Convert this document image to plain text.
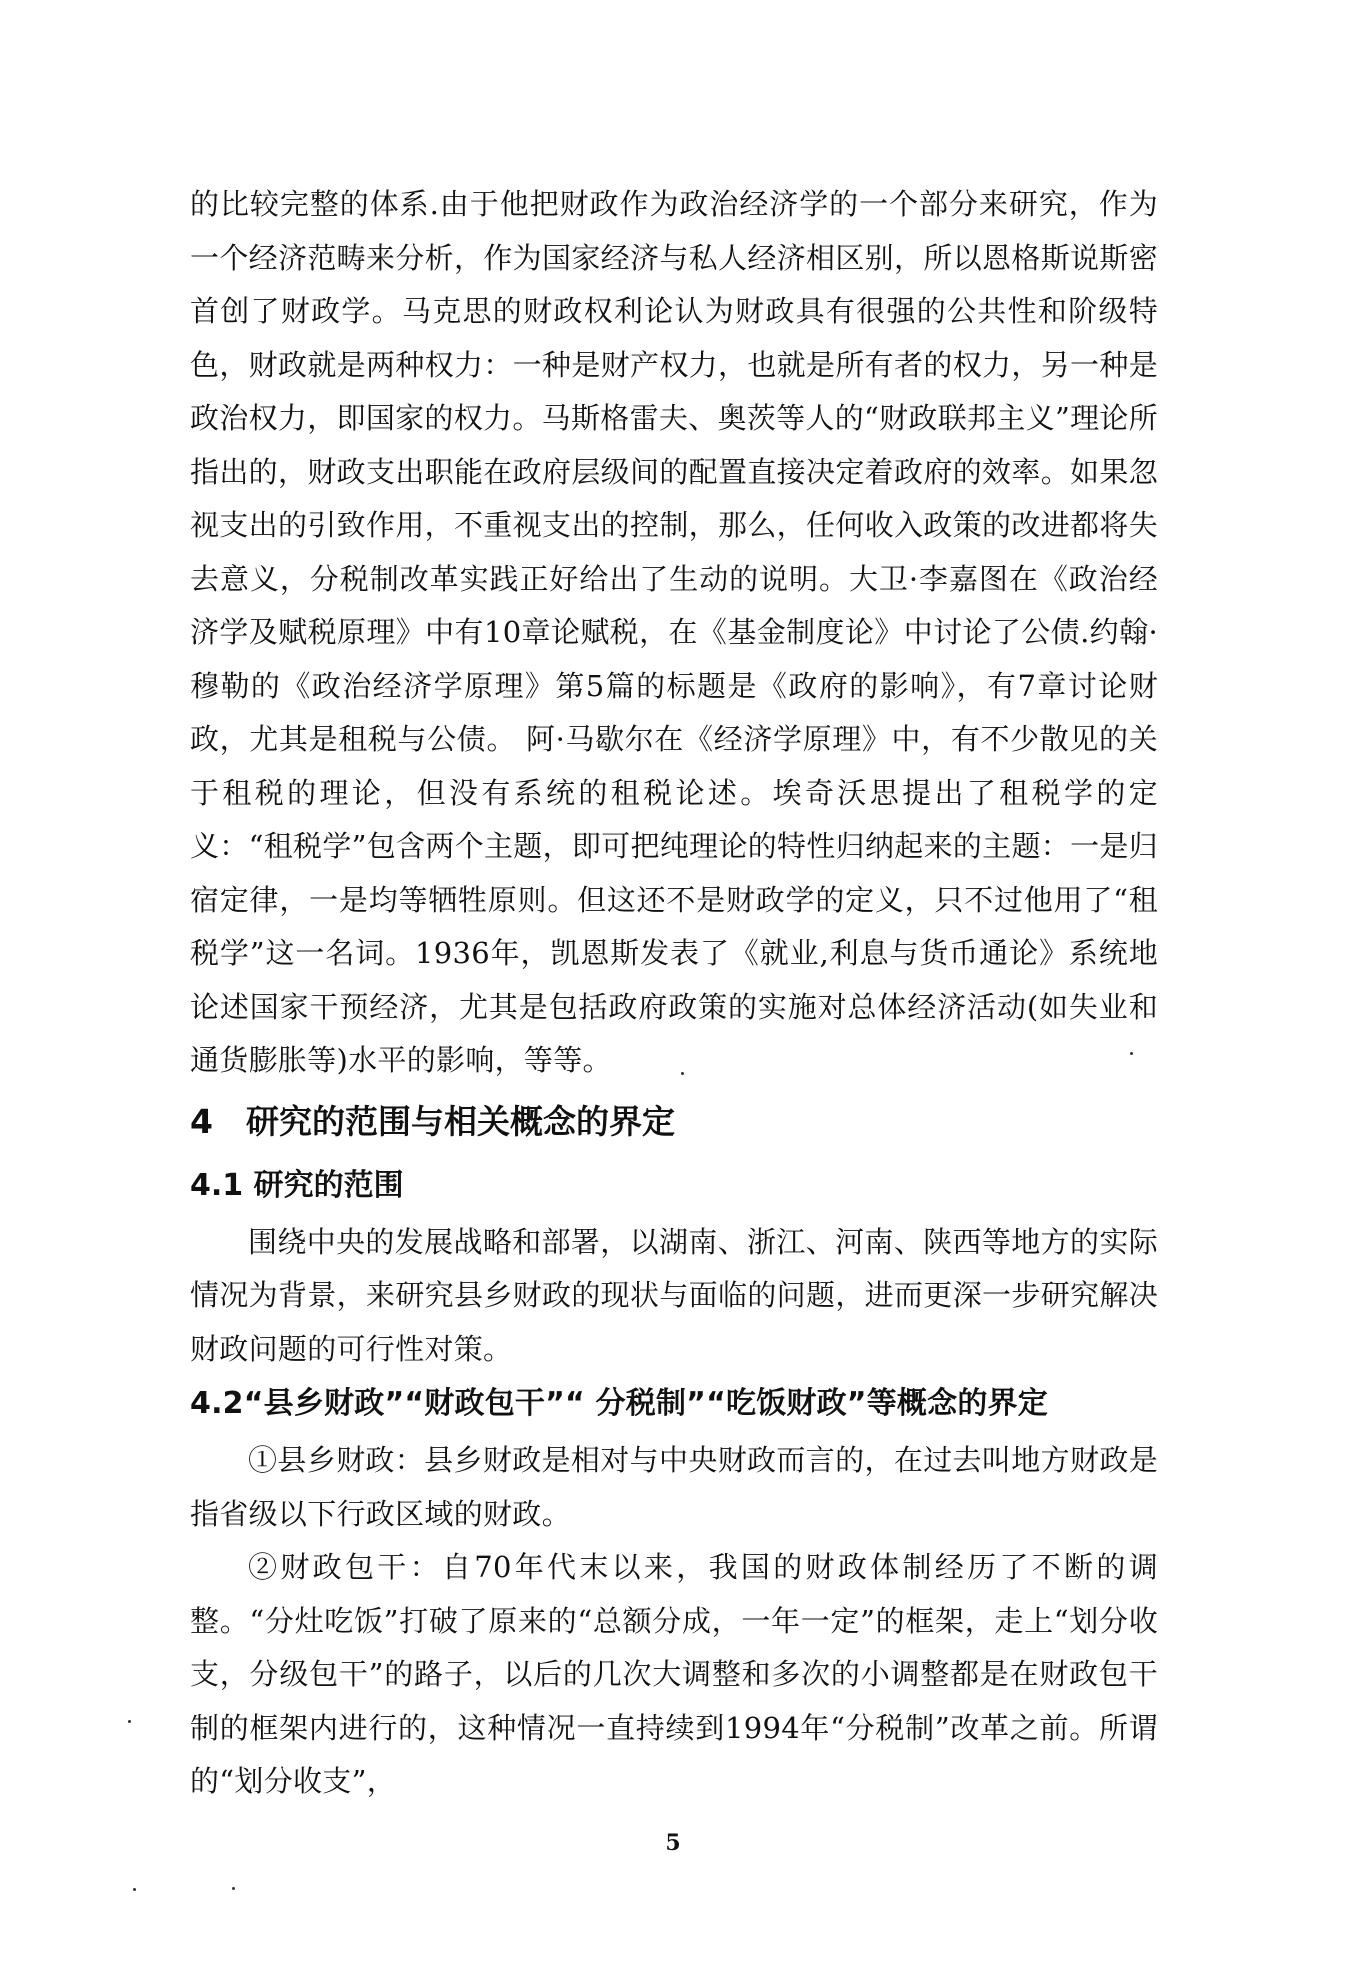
的比较完整的体系.由于他把财政作为政治经济学的一个部分来研究，作为一个经济范畴来分析，作为国家经济与私人经济相区别，所以恩格斯说斯密首创了财政学。马克思的财政权利论认为财政具有很强的公共性和阶级特色，财政就是两种权力：一种是财产权力，也就是所有者的权力，另一种是政治权力，即国家的权力。马斯格雷夫、奥茨等人的“财政联邦主义”理论所指出的，财政支出职能在政府层级间的配置直接决定着政府的效率。如果忽视支出的引致作用，不重视支出的控制，那么，任何收入政策的改进都将失去意义，分税制改革实践正好给出了生动的说明。大卫·李嘉图在《政治经济学及赋税原理》中有10章论赋税，在《基金制度论》中讨论了公债.约翰·穆勒的《政治经济学原理》第5篇的标题是《政府的影响》，有7章讨论财政，尤其是租税与公债。 阿·马歇尔在《经济学原理》中，有不少散见的关于租税的理论，但没有系统的租税论述。埃奇沃思提出了租税学的定义：“租税学”包含两个主题，即可把纯理论的特性归纳起来的主题：一是归宿定律，一是均等牺牲原则。但这还不是财政学的定义，只不过他用了“租税学”这一名词。1936年，凯恩斯发表了《就业,利息与货币通论》系统地论述国家干预经济，尤其是包括政府政策的实施对总体经济活动(如失业和通货膨胀等)水平的影响，等等。

4 研究的范围与相关概念的界定
4.1 研究的范围

围绕中央的发展战略和部署，以湖南、浙江、河南、陕西等地方的实际情况为背景，来研究县乡财政的现状与面临的问题，进而更深一步研究解决财政问题的可行性对策。

4.2“县乡财政”“财政包干”“ 分税制”“吃饭财政”等概念的界定

①县乡财政：县乡财政是相对与中央财政而言的，在过去叫地方财政是指省级以下行政区域的财政。

②财政包干：自70年代末以来，我国的财政体制经历了不断的调整。“分灶吃饭”打破了原来的“总额分成，一年一定”的框架，走上“划分收支，分级包干”的路子，以后的几次大调整和多次的小调整都是在财政包干制的框架内进行的，这种情况一直持续到1994年“分税制”改革之前。所谓的“划分收支”，

5
